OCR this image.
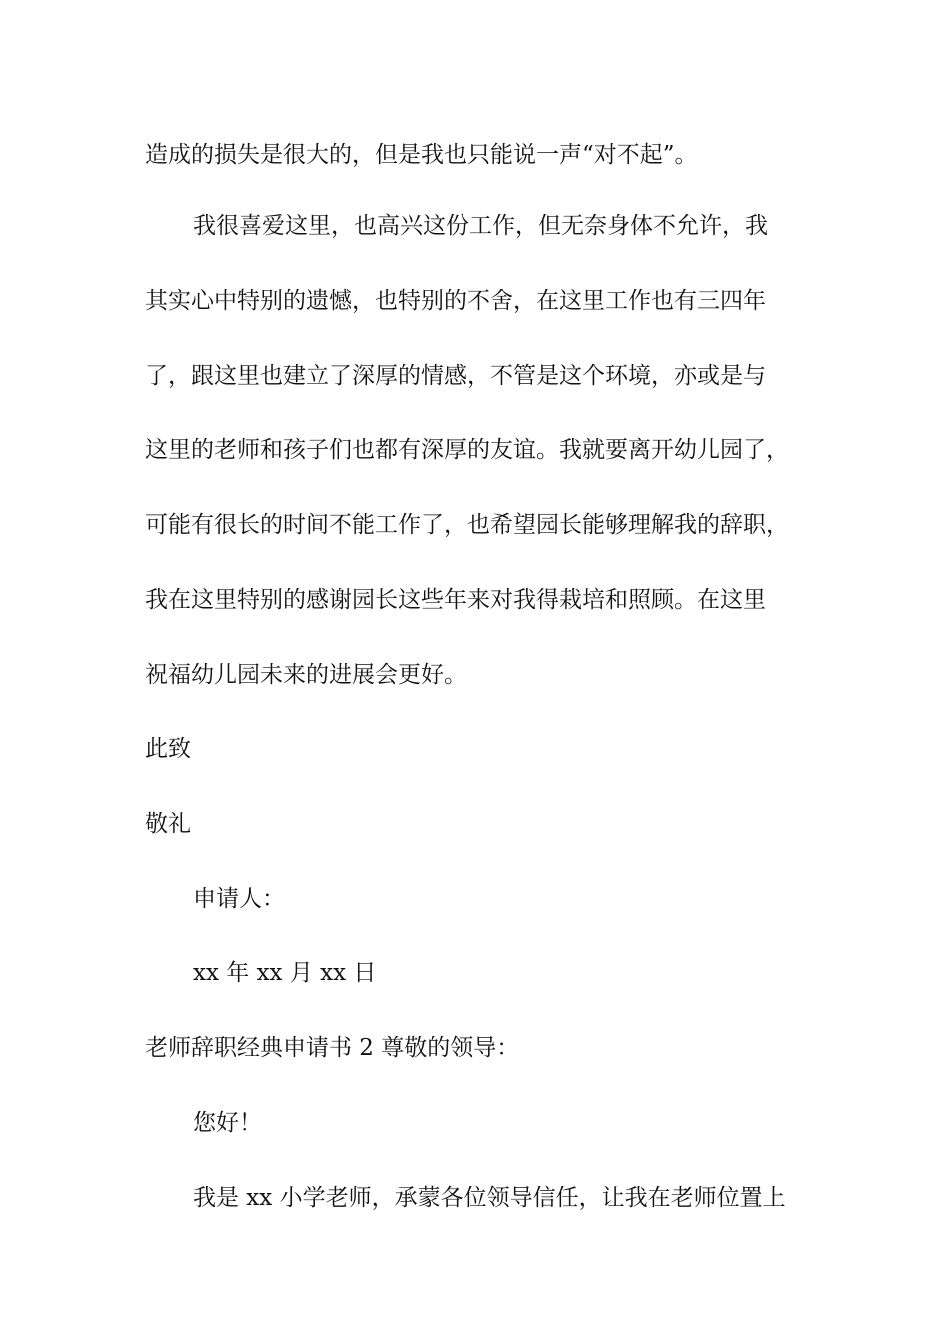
造成的损失是很大的，但是我也只能说一声“对不起”。
我很喜爱这里，也高兴这份工作，但无奈身体不允许，我
其实心中特别的遗憾，也特别的不舍，在这里工作也有三四年
了，跟这里也建立了深厚的情感，不管是这个环境，亦或是与
这里的老师和孩子们也都有深厚的友谊。我就要离开幼儿园了，
可能有很长的时间不能工作了，也希望园长能够理解我的辞职，
我在这里特别的感谢园长这些年来对我得栽培和照顾。在这里
祝福幼儿园未来的进展会更好。
此致
敬礼
申请人：
xx 年 xx 月 xx 日
老师辞职经典申请书 2 尊敬的领导：
您好！
我是 xx 小学老师，承蒙各位领导信任，让我在老师位置上
